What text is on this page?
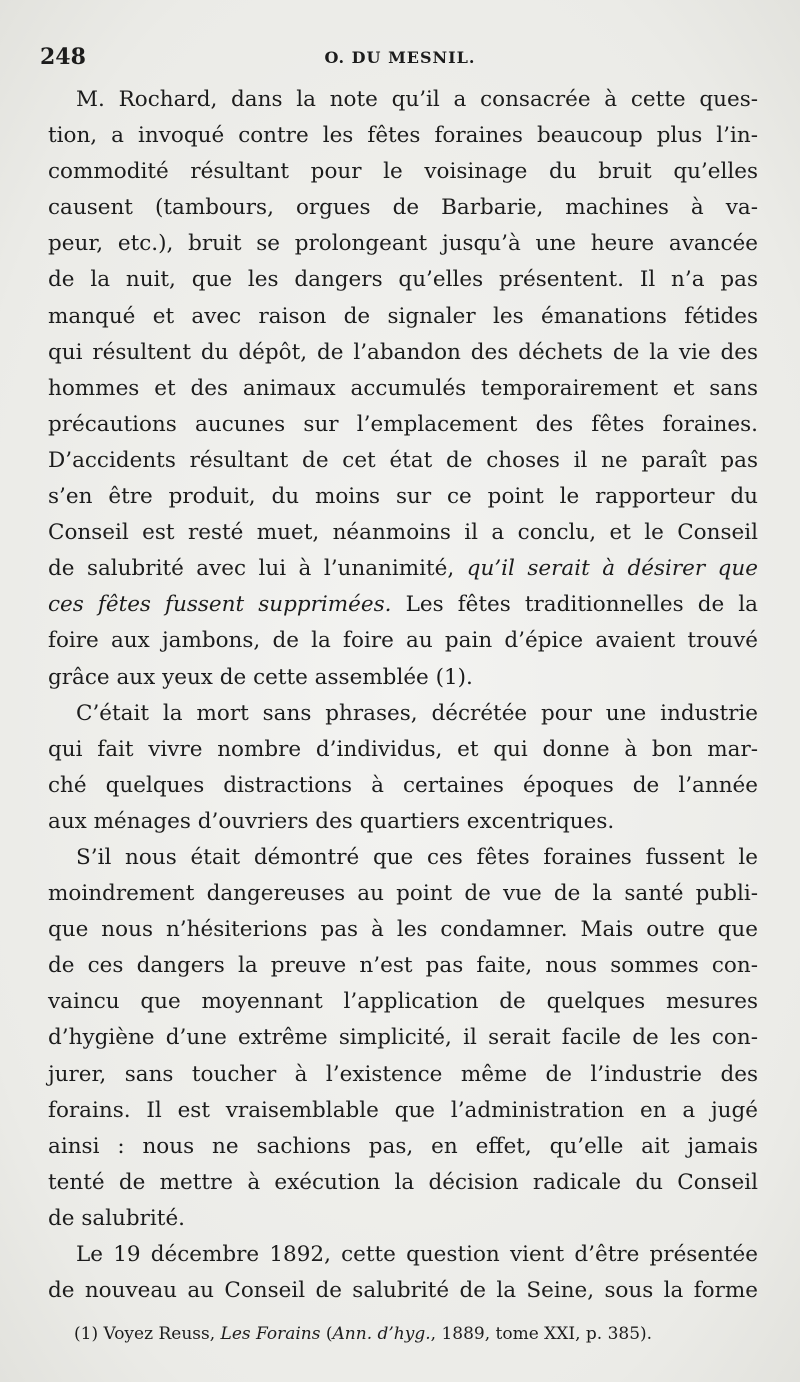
248	O. DU MESNIL.
M. Rochard, dans la note qu’il a consacrée à cette ques-
tion, a invoqué contre les fêtes foraines beaucoup plus l’in-
commodité résultant pour le voisinage du bruit qu’elles
causent (tambours, orgues de Barbarie, machines à va-
peur, etc.), bruit se prolongeant jusqu’à une heure avancée
de la nuit, que les dangers qu’elles présentent. Il n’a pas
manqué et avec raison de signaler les émanations fétides
qui résultent du dépôt, de l’abandon des déchets de la vie des
hommes et des animaux accumulés temporairement et sans
précautions aucunes sur l’emplacement des fêtes foraines.
D’accidents résultant de cet état de choses il ne paraît pas
s’en être produit, du moins sur ce point le rapporteur du
Conseil est resté muet, néanmoins il a conclu, et le Conseil
de salubrité avec lui à l’unanimité, qu’il serait à désirer que
ces fêtes fussent supprimées. Les fêtes traditionnelles de la
foire aux jambons, de la foire au pain d’épice avaient trouvé
grâce aux yeux de cette assemblée (1).
C’était la mort sans phrases, décrétée pour une industrie
qui fait vivre nombre d’individus, et qui donne à bon mar-
ché quelques distractions à certaines époques de l’année
aux ménages d’ouvriers des quartiers excentriques.
S’il nous était démontré que ces fêtes foraines fussent le
moindrement dangereuses au point de vue de la santé publi-
que nous n’hésiterions pas à les condamner. Mais outre que
de ces dangers la preuve n’est pas faite, nous sommes con-
vaincu que moyennant l’application de quelques mesures
d’hygiène d’une extrême simplicité, il serait facile de les con-
jurer, sans toucher à l’existence même de l’industrie des
forains. Il est vraisemblable que l’administration en a jugé
ainsi : nous ne sachions pas, en effet, qu’elle ait jamais
tenté de mettre à exécution la décision radicale du Conseil
de salubrité.
Le 19 décembre 1892, cette question vient d’être présentée
de nouveau au Conseil de salubrité de la Seine, sous la forme
(1) Voyez Reuss, Les Forains (Ann. d’hyg., 1889, tome XXI, p. 385).
